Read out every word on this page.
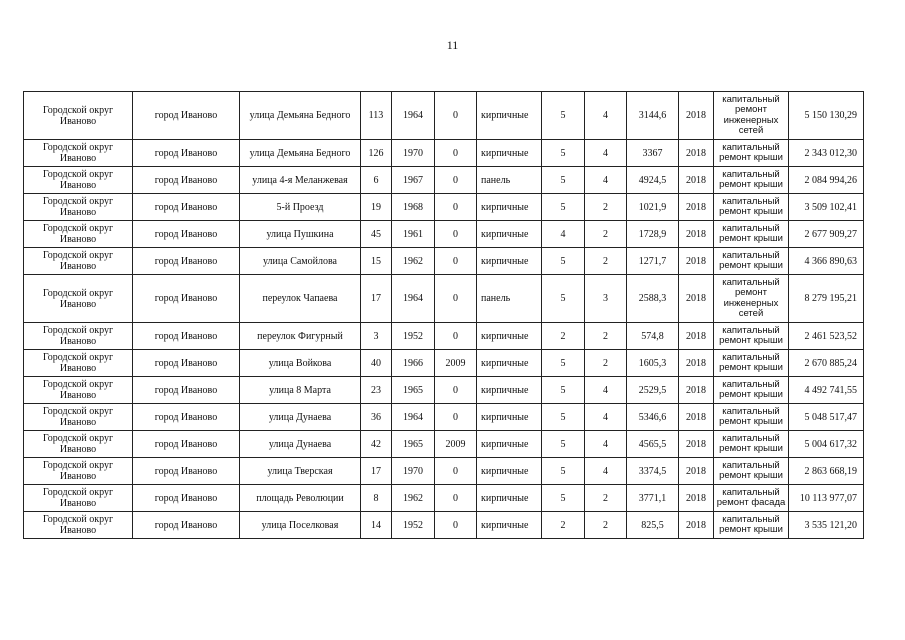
11
Городской округ Иваново	город Иваново	улица Демьяна Бедного	113	1964	0	кирпичные	5	4	3144,6	2018	капитальный ремонт инженерных сетей	5 150 130,29
Городской округ Иваново	город Иваново	улица Демьяна Бедного	126	1970	0	кирпичные	5	4	3367	2018	капитальный ремонт крыши	2 343 012,30
Городской округ Иваново	город Иваново	улица 4-я Меланжевая	6	1967	0	панель	5	4	4924,5	2018	капитальный ремонт крыши	2 084 994,26
Городской округ Иваново	город Иваново	5-й Проезд	19	1968	0	кирпичные	5	2	1021,9	2018	капитальный ремонт крыши	3 509 102,41
Городской округ Иваново	город Иваново	улица Пушкина	45	1961	0	кирпичные	4	2	1728,9	2018	капитальный ремонт крыши	2 677 909,27
Городской округ Иваново	город Иваново	улица Самойлова	15	1962	0	кирпичные	5	2	1271,7	2018	капитальный ремонт крыши	4 366 890,63
Городской округ Иваново	город Иваново	переулок Чапаева	17	1964	0	панель	5	3	2588,3	2018	капитальный ремонт инженерных сетей	8 279 195,21
Городской округ Иваново	город Иваново	переулок Фигурный	3	1952	0	кирпичные	2	2	574,8	2018	капитальный ремонт крыши	2 461 523,52
Городской округ Иваново	город Иваново	улица Войкова	40	1966	2009	кирпичные	5	2	1605,3	2018	капитальный ремонт крыши	2 670 885,24
Городской округ Иваново	город Иваново	улица 8 Марта	23	1965	0	кирпичные	5	4	2529,5	2018	капитальный ремонт крыши	4 492 741,55
Городской округ Иваново	город Иваново	улица Дунаева	36	1964	0	кирпичные	5	4	5346,6	2018	капитальный ремонт крыши	5 048 517,47
Городской округ Иваново	город Иваново	улица Дунаева	42	1965	2009	кирпичные	5	4	4565,5	2018	капитальный ремонт крыши	5 004 617,32
Городской округ Иваново	город Иваново	улица Тверская	17	1970	0	кирпичные	5	4	3374,5	2018	капитальный ремонт крыши	2 863 668,19
Городской округ Иваново	город Иваново	площадь Революции	8	1962	0	кирпичные	5	2	3771,1	2018	капитальный ремонт фасада	10 113 977,07
Городской округ Иваново	город Иваново	улица Поселковая	14	1952	0	кирпичные	2	2	825,5	2018	капитальный ремонт крыши	3 535 121,20
